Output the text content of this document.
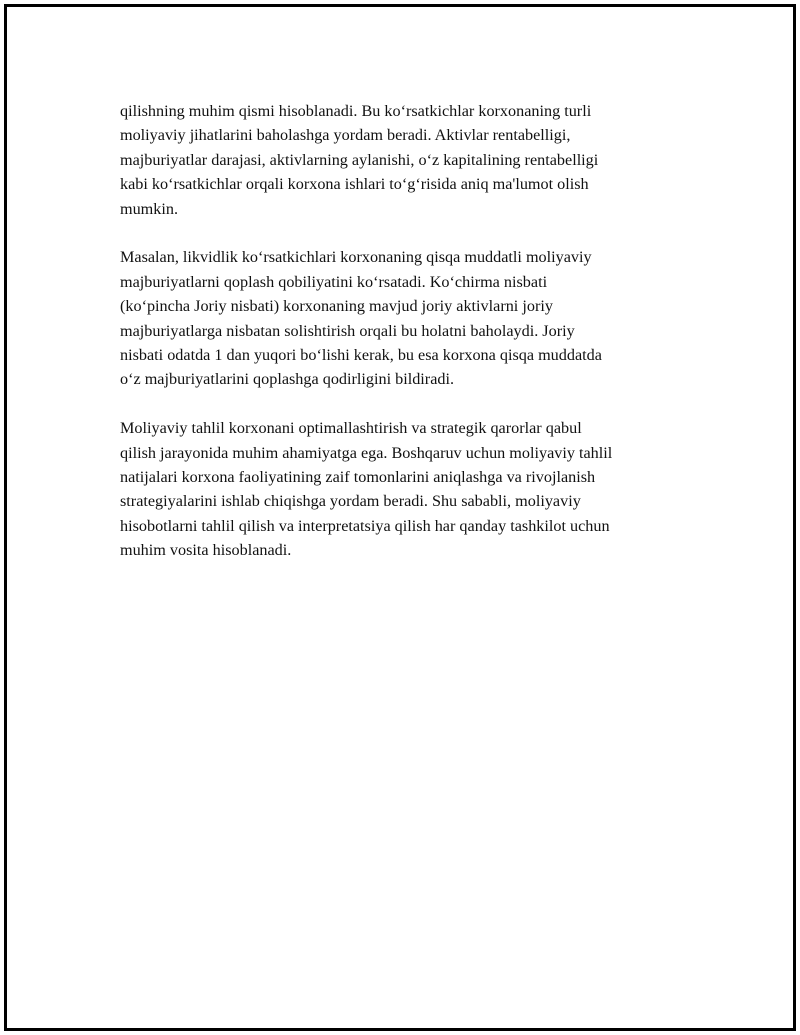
qilishning muhim qismi hisoblanadi. Bu koʻrsatkichlar korxonaning turli
moliyaviy jihatlarini baholashga yordam beradi. Aktivlar rentabelligi,
majburiyatlar darajasi, aktivlarning aylanishi, oʻz kapitalining rentabelligi
kabi koʻrsatkichlar orqali korxona ishlari toʻgʻrisida aniq ma'lumot olish
mumkin.

Masalan, likvidlik koʻrsatkichlari korxonaning qisqa muddatli moliyaviy
majburiyatlarni qoplash qobiliyatini koʻrsatadi. Koʻchirma nisbati
(koʻpincha Joriy nisbati) korxonaning mavjud joriy aktivlarni joriy
majburiyatlarga nisbatan solishtirish orqali bu holatni baholaydi. Joriy
nisbati odatda 1 dan yuqori boʻlishi kerak, bu esa korxona qisqa muddatda
oʻz majburiyatlarini qoplashga qodirligini bildiradi.

Moliyaviy tahlil korxonani optimallashtirish va strategik qarorlar qabul
qilish jarayonida muhim ahamiyatga ega. Boshqaruv uchun moliyaviy tahlil
natijalari korxona faoliyatining zaif tomonlarini aniqlashga va rivojlanish
strategiyalarini ishlab chiqishga yordam beradi. Shu sababli, moliyaviy
hisobotlarni tahlil qilish va interpretatsiya qilish har qanday tashkilot uchun
muhim vosita hisoblanadi.
